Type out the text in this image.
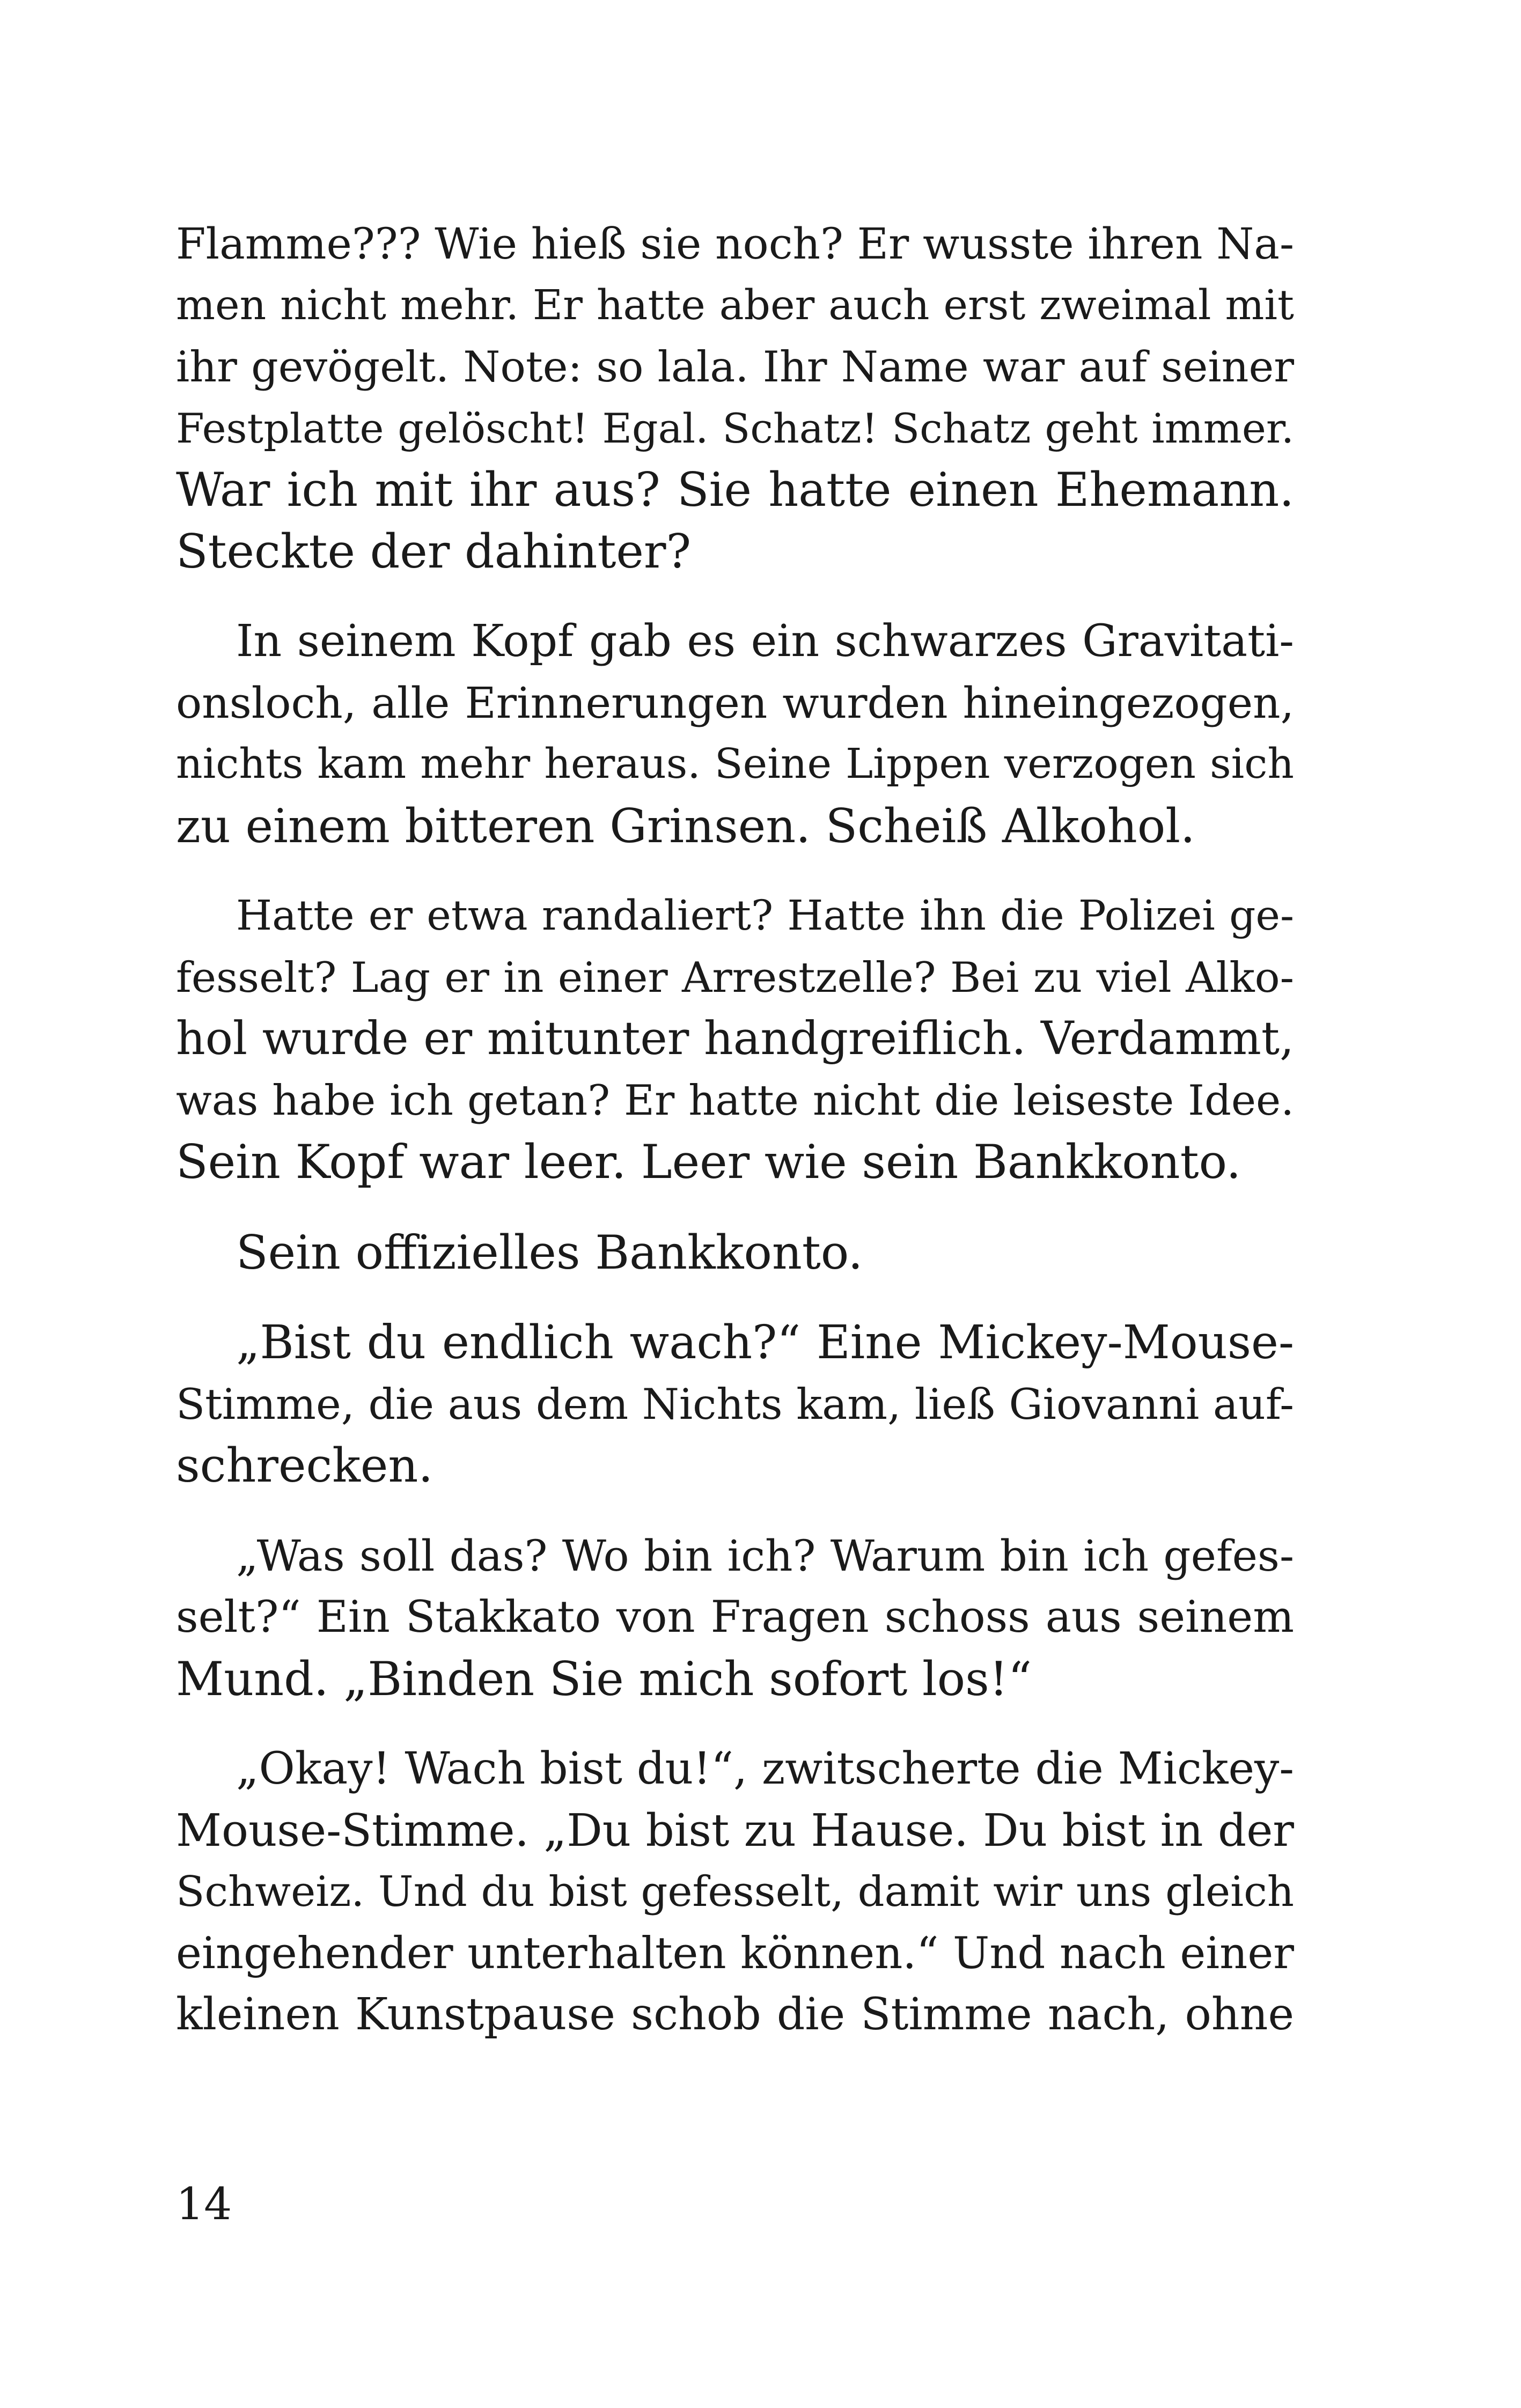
Flamme??? Wie hieß sie noch? Er wusste ihren Na-
men nicht mehr. Er hatte aber auch erst zweimal mit
ihr gevögelt. Note: so lala. Ihr Name war auf seiner
Festplatte gelöscht! Egal. Schatz! Schatz geht immer.
War ich mit ihr aus? Sie hatte einen Ehemann.
Steckte der dahinter?
In seinem Kopf gab es ein schwarzes Gravitati-
onsloch, alle Erinnerungen wurden hineingezogen,
nichts kam mehr heraus. Seine Lippen verzogen sich
zu einem bitteren Grinsen. Scheiß Alkohol.
Hatte er etwa randaliert? Hatte ihn die Polizei ge-
fesselt? Lag er in einer Arrestzelle? Bei zu viel Alko-
hol wurde er mitunter handgreiflich. Verdammt,
was habe ich getan? Er hatte nicht die leiseste Idee.
Sein Kopf war leer. Leer wie sein Bankkonto.
Sein offizielles Bankkonto.
„Bist du endlich wach?“ Eine Mickey-Mouse-
Stimme, die aus dem Nichts kam, ließ Giovanni auf-
schrecken.
„Was soll das? Wo bin ich? Warum bin ich gefes-
selt?“ Ein Stakkato von Fragen schoss aus seinem
Mund. „Binden Sie mich sofort los!“
„Okay! Wach bist du!“, zwitscherte die Mickey-
Mouse-Stimme. „Du bist zu Hause. Du bist in der
Schweiz. Und du bist gefesselt, damit wir uns gleich
eingehender unterhalten können.“ Und nach einer
kleinen Kunstpause schob die Stimme nach, ohne
14
